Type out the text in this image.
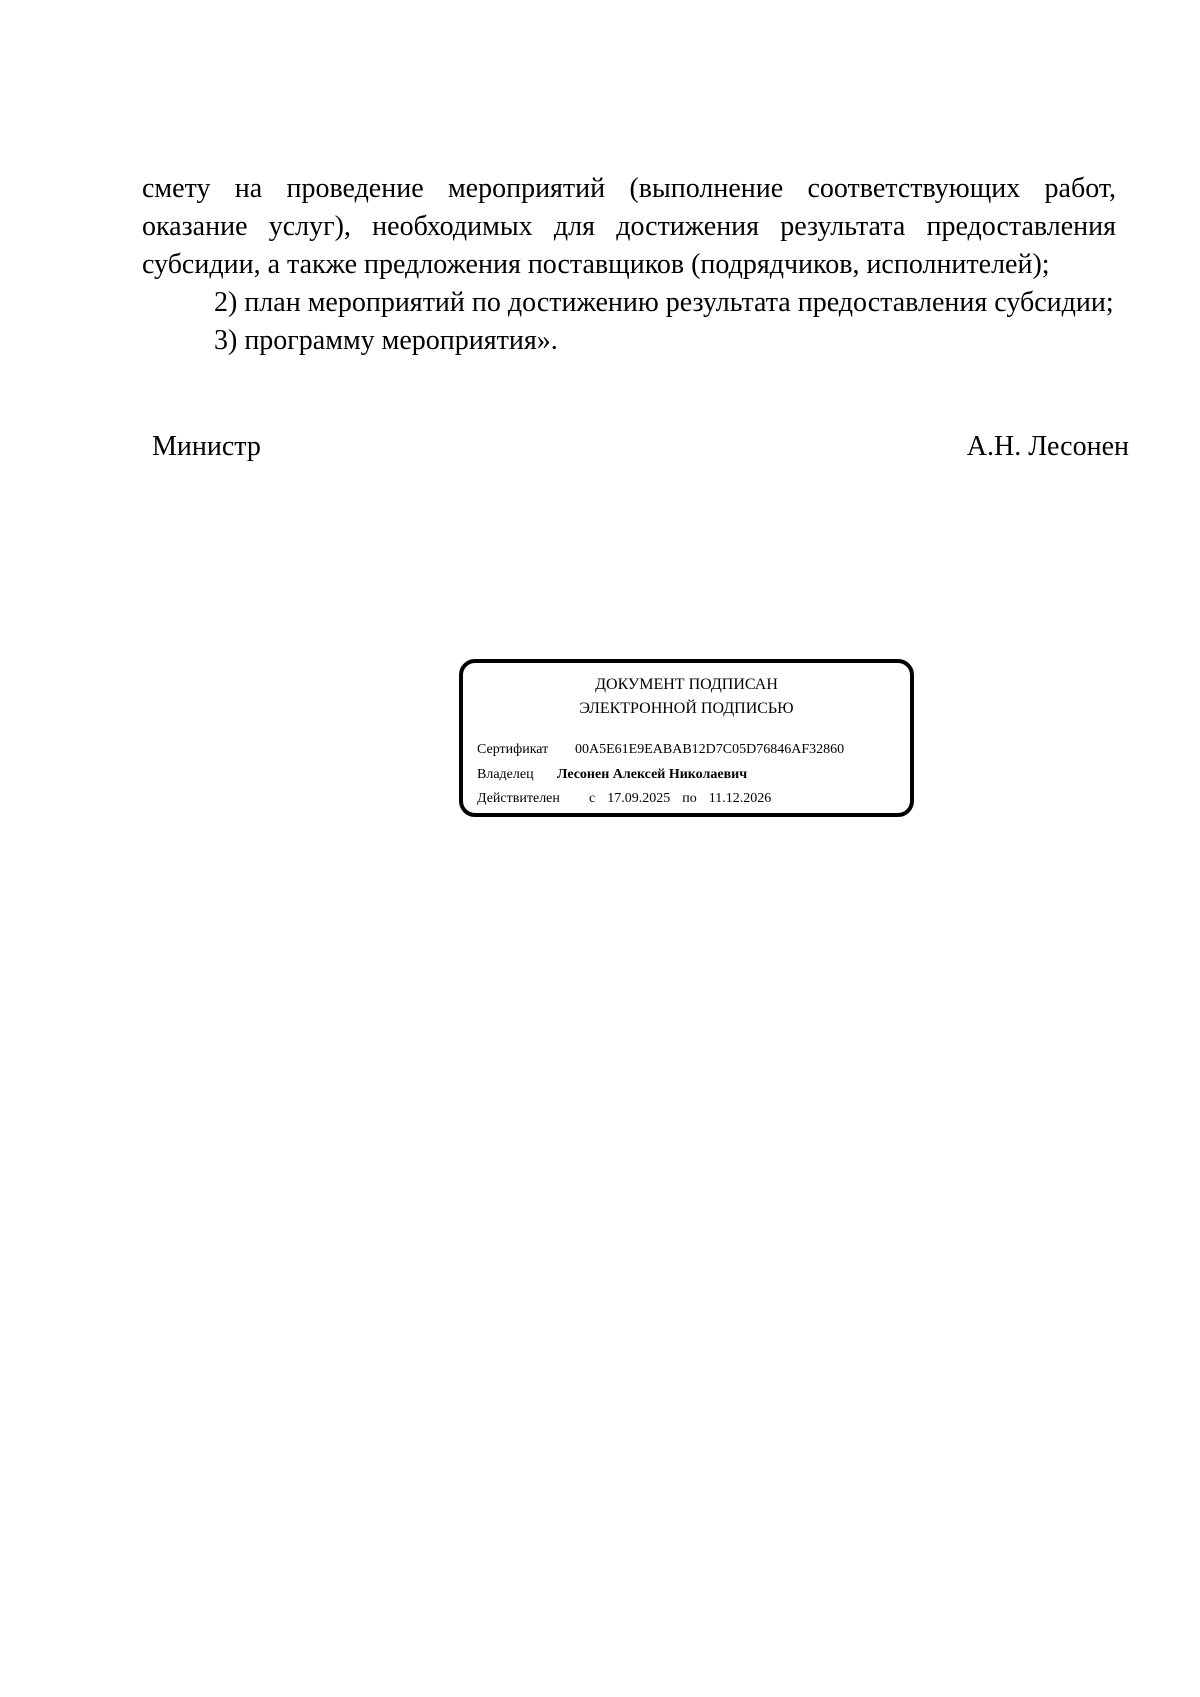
смету на проведение мероприятий (выполнение соответствующих работ, оказание услуг), необходимых для достижения результата предоставления субсидии, а также предложения поставщиков (подрядчиков, исполнителей);

2) план мероприятий по достижению результата предоставления субсидии;

3) программу мероприятия».

Министр	А.Н. Лесонен
ДОКУМЕНТ ПОДПИСАН
ЭЛЕКТРОННОЙ ПОДПИСЬЮ
Сертификат 00A5E61E9EABAB12D7C05D76846AF32860
Владелец Лесонен Алексей Николаевич
Действителен с 17.09.2025 по 11.12.2026
